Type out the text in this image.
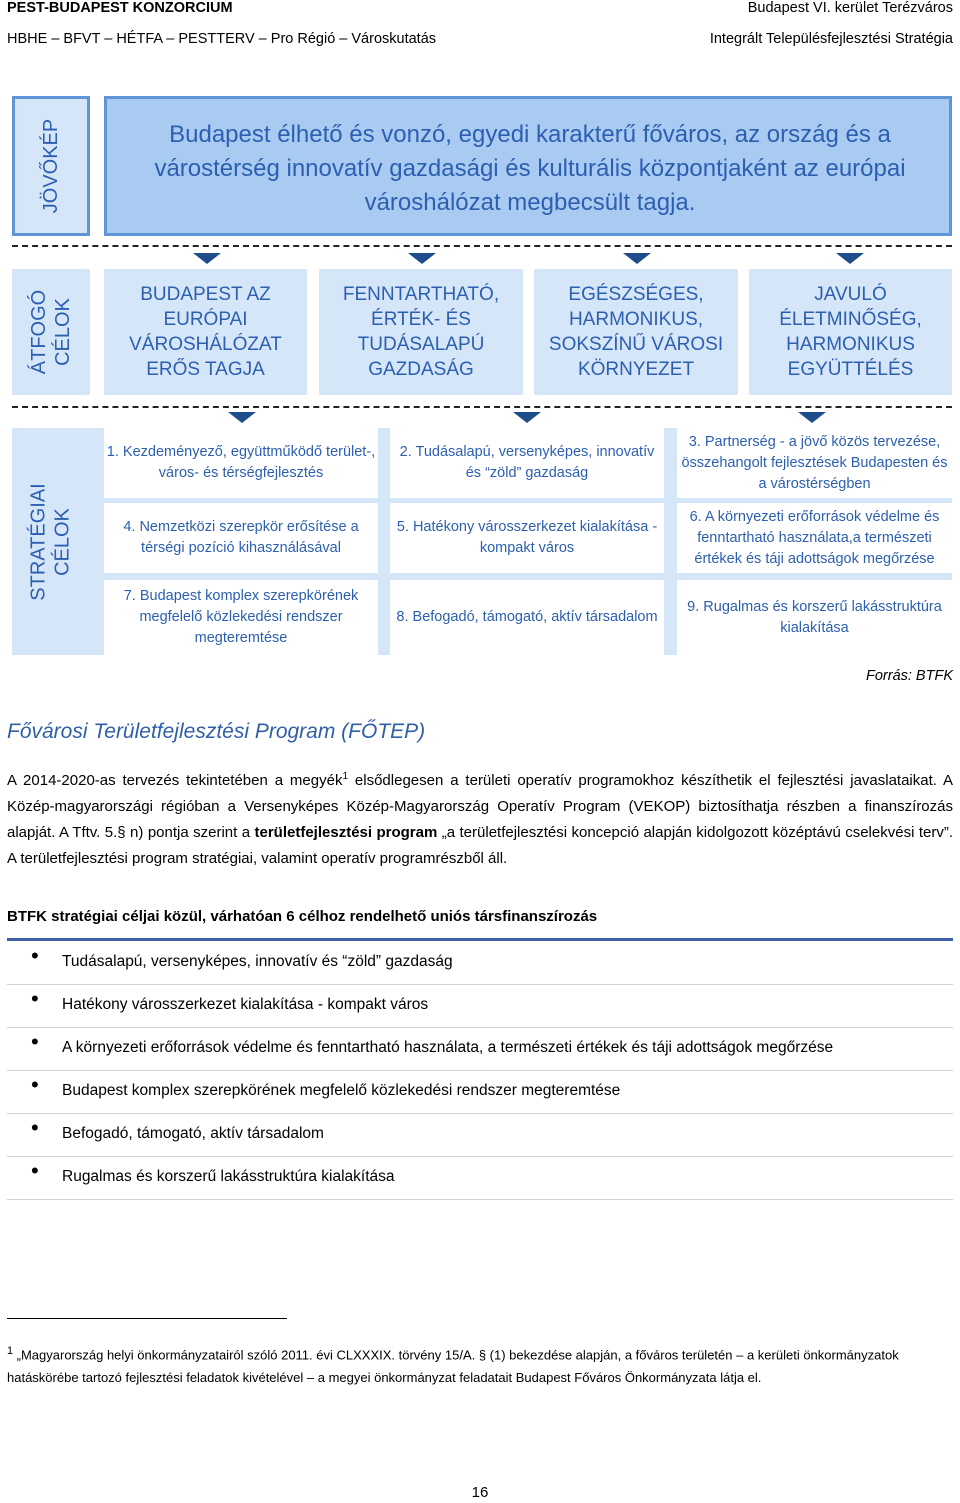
PEST-BUDAPEST KONZORCIUM	Budapest VI. kerület Terézváros
HBHE – BFVT – HÉTFA – PESTTERV – Pro Régió – Városkutatás	Integrált Településfejlesztési Stratégia
JÖVŐKÉP	Budapest élhető és vonzó, egyedi karakterű főváros, az ország és a várostérség innovatív gazdasági és kulturális központjaként az európai városhálózat megbecsült tagja.
ÁTFOGÓ CÉLOK
BUDAPEST AZ EURÓPAI VÁROSHÁLÓZAT ERŐS TAGJA
FENNTARTHATÓ, ÉRTÉK- ÉS TUDÁSALAPÚ GAZDASÁG
EGÉSZSÉGES, HARMONIKUS, SOKSZÍNŰ VÁROSI KÖRNYEZET
JAVULÓ ÉLETMINŐSÉG, HARMONIKUS EGYÜTTÉLÉS
STRATÉGIAI CÉLOK
1. Kezdeményező, együttműködő terület-, város- és térségfejlesztés
2. Tudásalapú, versenyképes, innovatív és “zöld” gazdaság
3. Partnerség - a jövő közös tervezése, összehangolt fejlesztések Budapesten és a várostérségben
4. Nemzetközi szerepkör erősítése a térségi pozíció kihasználásával
5. Hatékony városszerkezet kialakítása - kompakt város
6. A környezeti erőforrások védelme és fenntartható használata,a természeti értékek és táji adottságok megőrzése
7. Budapest komplex szerepkörének megfelelő közlekedési rendszer megteremtése
8. Befogadó, támogató, aktív társadalom
9. Rugalmas és korszerű lakásstruktúra kialakítása
Forrás: BTFK
Fővárosi Területfejlesztési Program (FŐTEP)
A 2014-2020-as tervezés tekintetében a megyék$^1$ elsődlegesen a területi operatív programokhoz készíthetik el fejlesztési javaslataikat. A Közép-magyarországi régióban a Versenyképes Közép-Magyarország Operatív Program (VEKOP) biztosíthatja részben a finanszírozás alapját. A Tftv. 5.§ n) pontja szerint a területfejlesztési program „a területfejlesztési koncepció alapján kidolgozott középtávú cselekvési terv”. A területfejlesztési program stratégiai, valamint operatív programrészből áll.
BTFK stratégiai céljai közül, várhatóan 6 célhoz rendelhető uniós társfinanszírozás
• Tudásalapú, versenyképes, innovatív és “zöld” gazdaság
• Hatékony városszerkezet kialakítása - kompakt város
• A környezeti erőforrások védelme és fenntartható használata, a természeti értékek és táji adottságok megőrzése
• Budapest komplex szerepkörének megfelelő közlekedési rendszer megteremtése
• Befogadó, támogató, aktív társadalom
• Rugalmas és korszerű lakásstruktúra kialakítása
$^1$ „Magyarország helyi önkormányzatairól szóló 2011. évi CLXXXIX. törvény 15/A. § (1) bekezdése alapján, a főváros területén – a kerületi önkormányzatok hatáskörébe tartozó fejlesztési feladatok kivételével – a megyei önkormányzat feladatait Budapest Főváros Önkormányzata látja el.
16
